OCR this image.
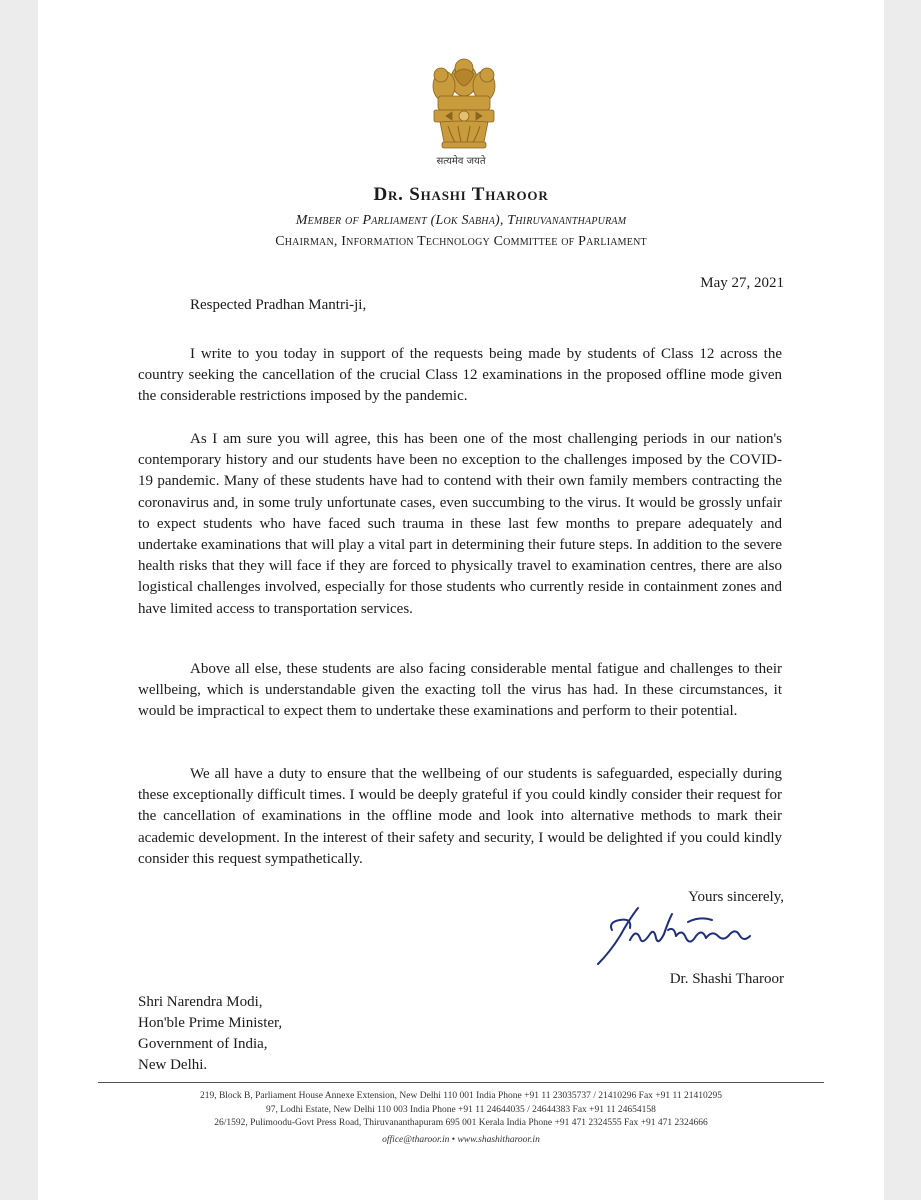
सत्यमेव जयते
Dr. Shashi Tharoor
Member of Parliament (Lok Sabha), Thiruvananthapuram
Chairman, Information Technology Committee of Parliament
May 27, 2021
Respected Pradhan Mantri-ji,

I write to you today in support of the requests being made by students of Class 12 across the country seeking the cancellation of the crucial Class 12 examinations in the proposed offline mode given the considerable restrictions imposed by the pandemic.

As I am sure you will agree, this has been one of the most challenging periods in our nation's contemporary history and our students have been no exception to the challenges imposed by the COVID-19 pandemic. Many of these students have had to contend with their own family members contracting the coronavirus and, in some truly unfortunate cases, even succumbing to the virus. It would be grossly unfair to expect students who have faced such trauma in these last few months to prepare adequately and undertake examinations that will play a vital part in determining their future steps. In addition to the severe health risks that they will face if they are forced to physically travel to examination centres, there are also logistical challenges involved, especially for those students who currently reside in containment zones and have limited access to transportation services.

Above all else, these students are also facing considerable mental fatigue and challenges to their wellbeing, which is understandable given the exacting toll the virus has had. In these circumstances, it would be impractical to expect them to undertake these examinations and perform to their potential.

We all have a duty to ensure that the wellbeing of our students is safeguarded, especially during these exceptionally difficult times. I would be deeply grateful if you could kindly consider their request for the cancellation of examinations in the offline mode and look into alternative methods to mark their academic development. In the interest of their safety and security, I would be delighted if you could kindly consider this request sympathetically.

Yours sincerely,
Dr. Shashi Tharoor
Shri Narendra Modi,
Hon'ble Prime Minister,
Government of India,
New Delhi.
219, Block B, Parliament House Annexe Extension, New Delhi 110 001 India Phone +91 11 23035737 / 21410296 Fax +91 11 21410295
97, Lodhi Estate, New Delhi 110 003 India Phone +91 11 24644035 / 24644383 Fax +91 11 24654158
26/1592, Pulimoodu-Govt Press Road, Thiruvananthapuram 695 001 Kerala India Phone +91 471 2324555 Fax +91 471 2324666
office@tharoor.in • www.shashitharoor.in
